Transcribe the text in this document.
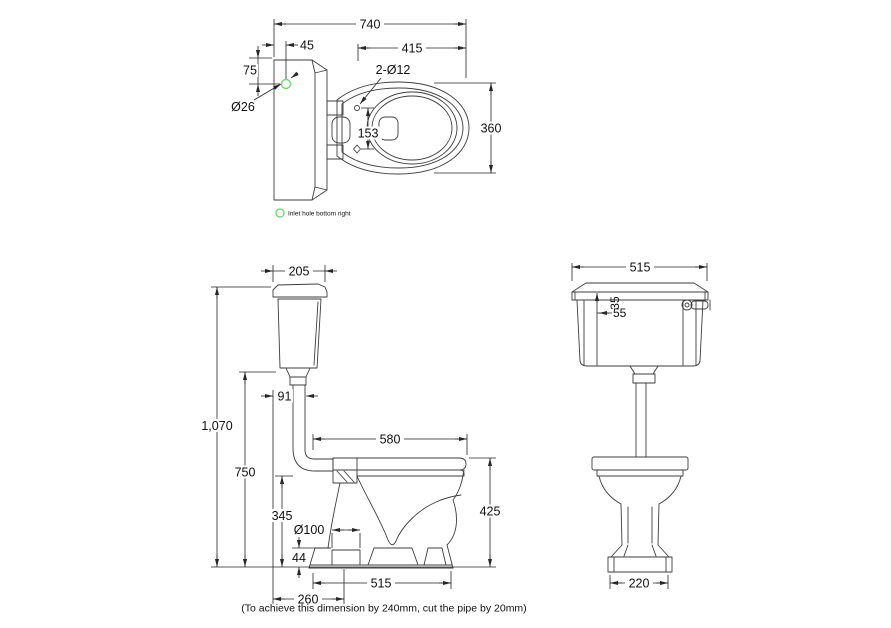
740
45
75
Ø26
415
2-Ø12
153	360
Inlet hole bottom right
205
1,070
750
91
580
345
Ø100
44
425
515
260
(To achieve this dimension by 240mm, cut the pipe by 20mm)
515
35
55
220
